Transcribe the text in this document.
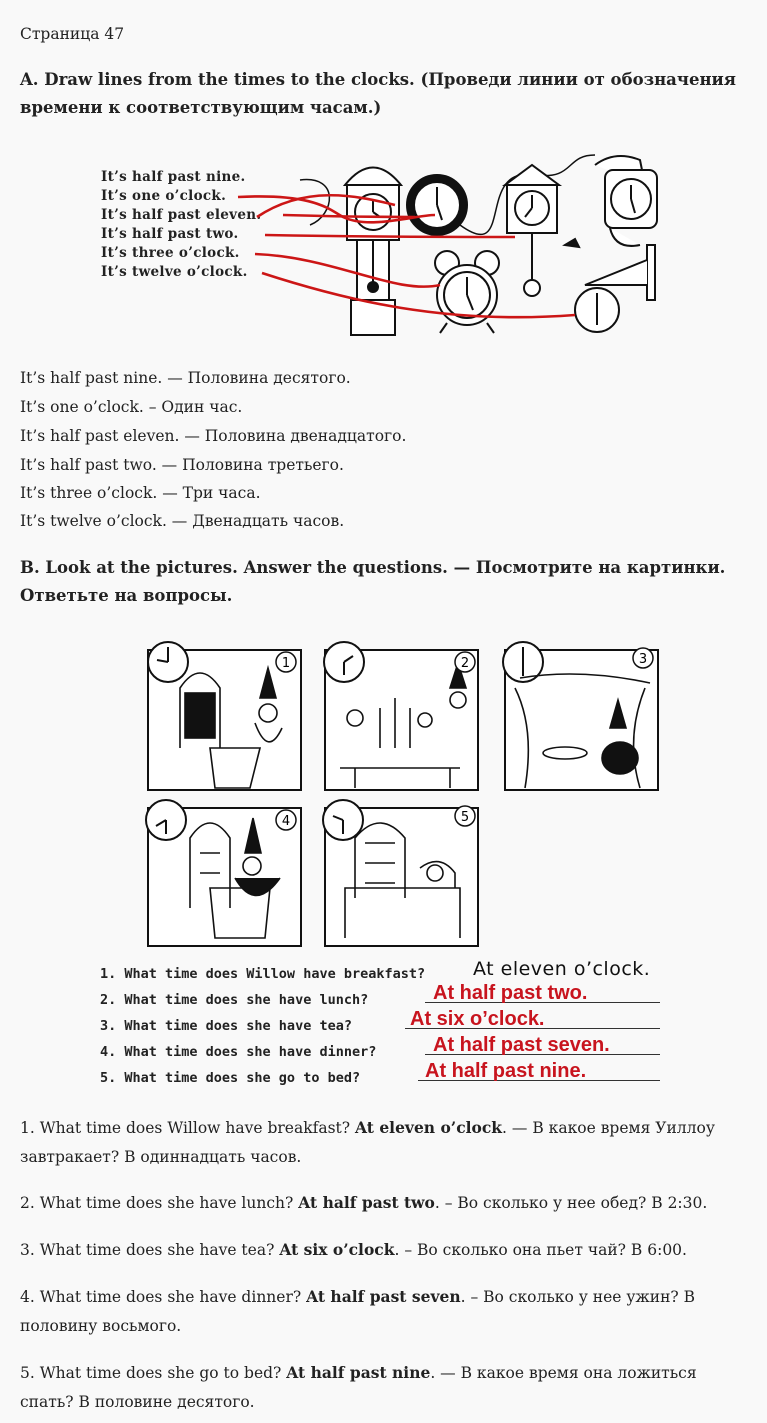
Страница 47
A. Draw lines from the times to the clocks. (Проведи линии от обозначения времени к соответствующим часам.)
It’s half past nine.
It’s one o’clock.
It’s half past eleven.
It’s half past two.
It’s three o’clock.
It’s twelve o’clock.
It’s half past nine. — Половина десятого.
It’s one o’clock. – Один час.
It’s half past eleven. — Половина двенадцатого.
It’s half past two. — Половина третьего.
It’s three o’clock. — Три часа.
It’s twelve o’clock. — Двенадцать часов.
B. Look at the pictures. Answer the questions. — Посмотрите на картинки. Ответьте на вопросы.
1	2	3
4	5
1. What time does Willow have breakfast?	At eleven o’clock.
2. What time does she have lunch?	At half past two.
3. What time does she have tea?	At six o’clock.
4. What time does she have dinner?	At half past seven.
5. What time does she go to bed?	At half past nine.
1. What time does Willow have breakfast? At eleven o’clock. — В какое время Уиллоу завтракает? В одиннадцать часов.
2. What time does she have lunch? At half past two. – Во сколько у нее обед? В 2:30.
3. What time does she have tea? At six o’clock. – Во сколько она пьет чай? В 6:00.
4. What time does she have dinner? At half past seven. – Во сколько у нее ужин? В половину восьмого.
5. What time does she go to bed? At half past nine. — В какое время она ложиться спать? В половине десятого.
